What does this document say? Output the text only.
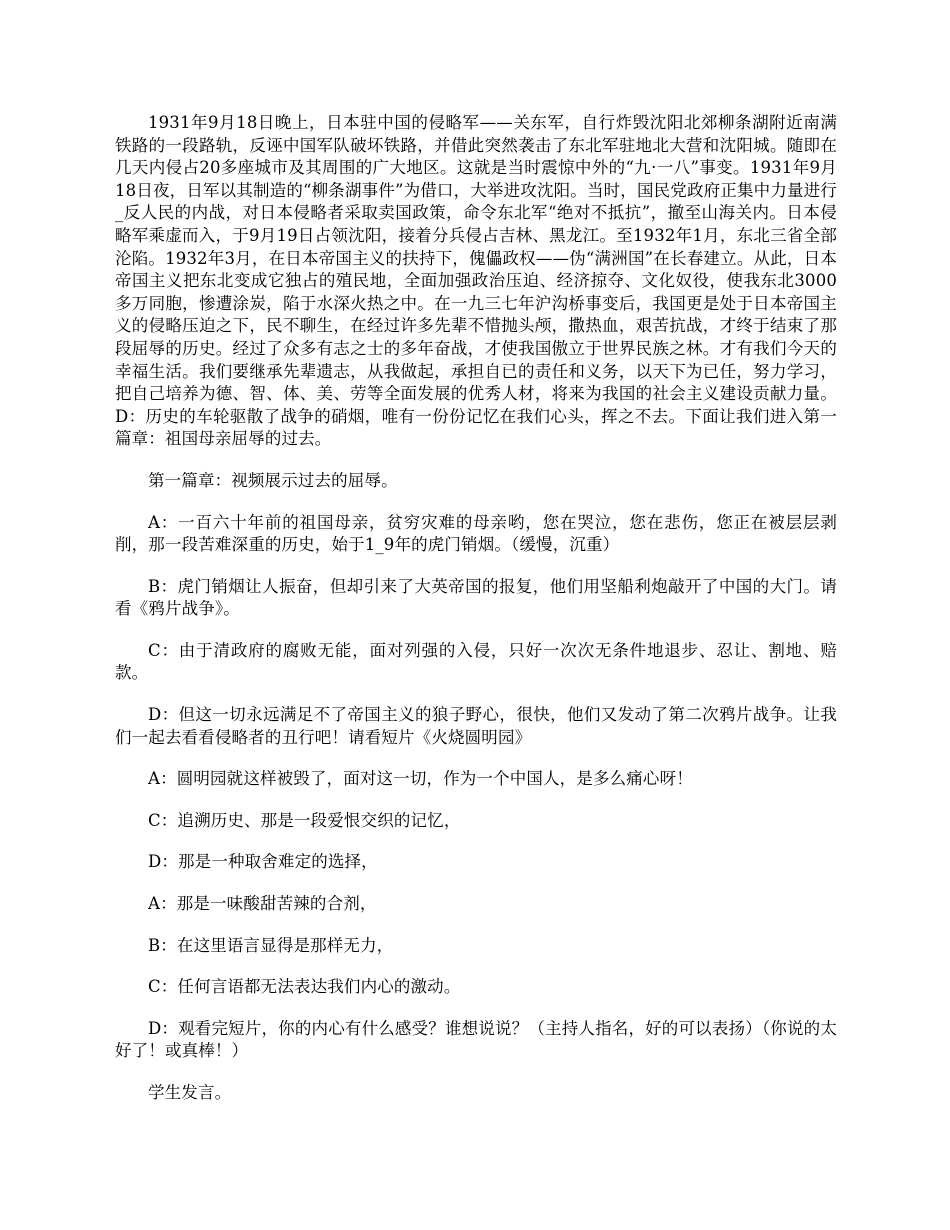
1931年9月18日晚上，日本驻中国的侵略军——关东军，自行炸毁沈阳北郊柳条湖附近南满铁路的一段路轨，反诬中国军队破坏铁路，并借此突然袭击了东北军驻地北大营和沈阳城。随即在几天内侵占20多座城市及其周围的广大地区。这就是当时震惊中外的“九·一八”事变。1931年9月18日夜，日军以其制造的“柳条湖事件”为借口，大举进攻沈阳。当时，国民党政府正集中力量进行_反人民的内战，对日本侵略者采取卖国政策，命令东北军“绝对不抵抗”，撤至山海关内。日本侵略军乘虚而入，于9月19日占领沈阳，接着分兵侵占吉林、黑龙江。至1932年1月，东北三省全部沦陷。1932年3月，在日本帝国主义的扶持下，傀儡政权——伪“满洲国”在长春建立。从此，日本帝国主义把东北变成它独占的殖民地，全面加强政治压迫、经济掠夺、文化奴役，使我东北3000多万同胞，惨遭涂炭，陷于水深火热之中。在一九三七年沪沟桥事变后，我国更是处于日本帝国主义的侵略压迫之下，民不聊生，在经过许多先辈不惜抛头颅，撒热血，艰苦抗战，才终于结束了那段屈辱的历史。经过了众多有志之士的多年奋战，才使我国傲立于世界民族之林。才有我们今天的幸福生活。我们要继承先辈遗志，从我做起，承担自已的责任和义务，以天下为已任，努力学习，把自己培养为德、智、体、美、劳等全面发展的优秀人材，将来为我国的社会主义建设贡献力量。D：历史的车轮驱散了战争的硝烟，唯有一份份记忆在我们心头，挥之不去。下面让我们进入第一篇章：祖国母亲屈辱的过去。

第一篇章：视频展示过去的屈辱。

A：一百六十年前的祖国母亲，贫穷灾难的母亲哟，您在哭泣，您在悲伤，您正在被层层剥削，那一段苦难深重的历史，始于1_9年的虎门销烟。（缓慢，沉重）

B：虎门销烟让人振奋，但却引来了大英帝国的报复，他们用坚船利炮敲开了中国的大门。请看《鸦片战争》。

C：由于清政府的腐败无能，面对列强的入侵，只好一次次无条件地退步、忍让、割地、赔款。

D：但这一切永远满足不了帝国主义的狼子野心，很快，他们又发动了第二次鸦片战争。让我们一起去看看侵略者的丑行吧！请看短片《火烧圆明园》

A：圆明园就这样被毁了，面对这一切，作为一个中国人，是多么痛心呀！

C：追溯历史、那是一段爱恨交织的记忆，

D：那是一种取舍难定的选择，

A：那是一味酸甜苦辣的合剂，

B：在这里语言显得是那样无力，

C：任何言语都无法表达我们内心的激动。

D：观看完短片，你的内心有什么感受？谁想说说？（主持人指名，好的可以表扬）（你说的太好了！或真棒！）

学生发言。
